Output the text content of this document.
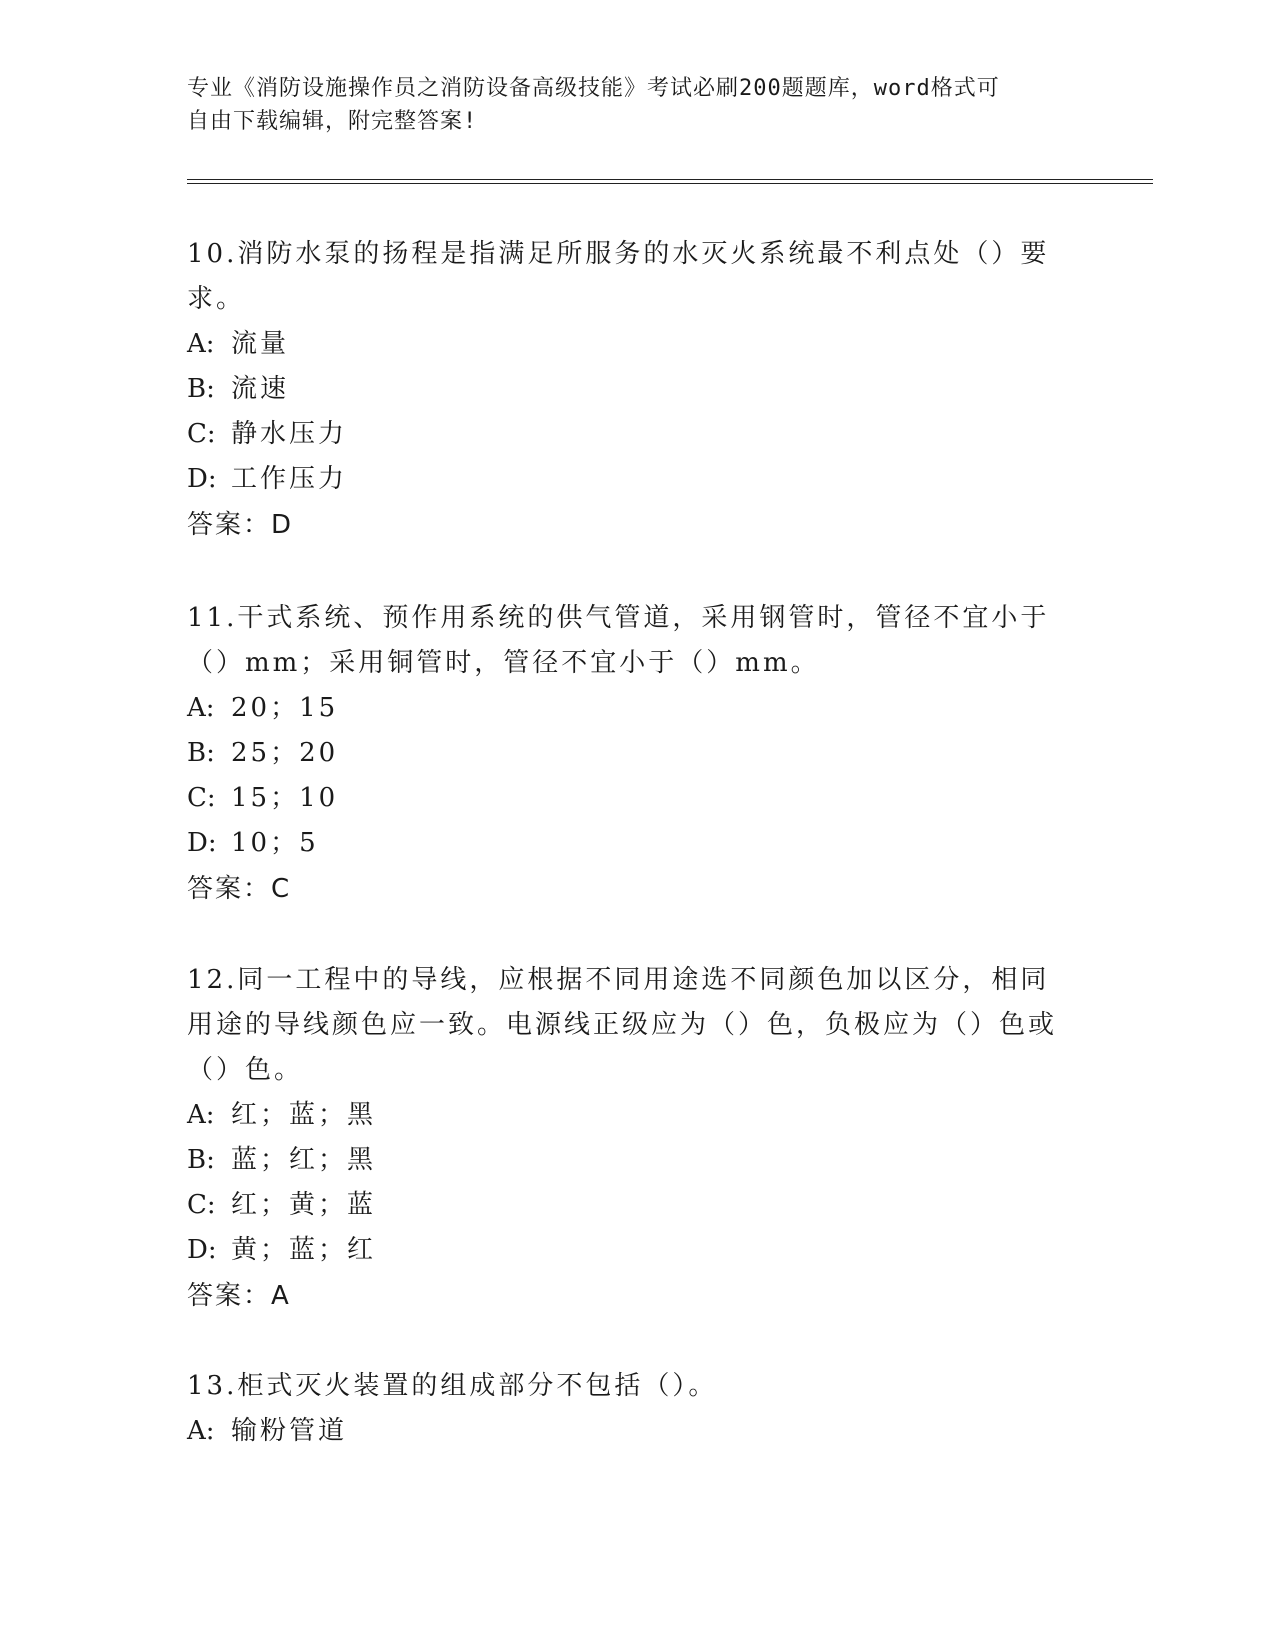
专业《消防设施操作员之消防设备高级技能》考试必刷200题题库，word格式可
自由下载编辑，附完整答案!

10.消防水泵的扬程是指满足所服务的水灭火系统最不利点处（）要求。

A: 流量

B: 流速

C: 静水压力

D: 工作压力

答案：D

11.干式系统、预作用系统的供气管道，采用钢管时，管径不宜小于（）mm；采用铜管时，管径不宜小于（）mm。

A: 20；15

B: 25；20

C: 15；10

D: 10；5

答案：C

12.同一工程中的导线，应根据不同用途选不同颜色加以区分，相同用途的导线颜色应一致。电源线正级应为（）色，负极应为（）色或（）色。

A: 红；蓝；黑

B: 蓝；红；黑

C: 红；黄；蓝

D: 黄；蓝；红

答案：A

13.柜式灭火装置的组成部分不包括（）。

A: 输粉管道
